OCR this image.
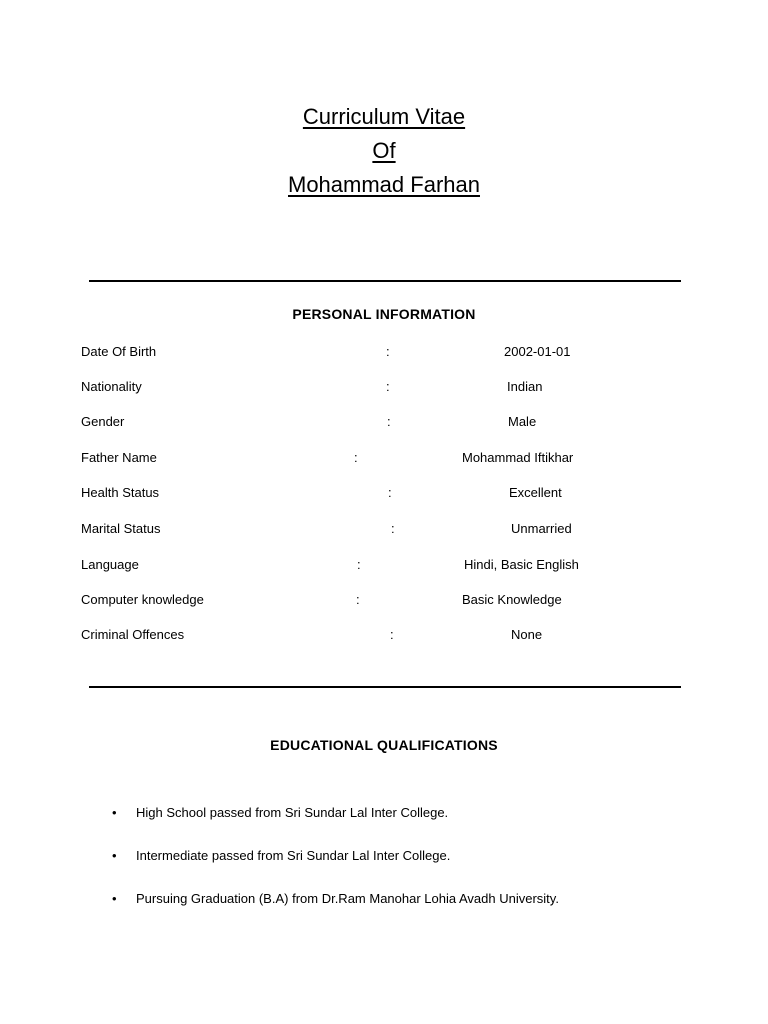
Curriculum Vitae
Of
Mohammad Farhan
PERSONAL INFORMATION
Date Of Birth	:	2002-01-01
Nationality	:	Indian
Gender	:	Male
Father Name	:	Mohammad Iftikhar
Health Status	:	Excellent
Marital Status	:	Unmarried
Language	:	Hindi, Basic English
Computer knowledge	:	Basic Knowledge
Criminal Offences	:	None
EDUCATIONAL QUALIFICATIONS
• High School passed from Sri Sundar Lal Inter College.
• Intermediate passed from Sri Sundar Lal Inter College.
• Pursuing Graduation (B.A) from Dr.Ram Manohar Lohia Avadh University.
